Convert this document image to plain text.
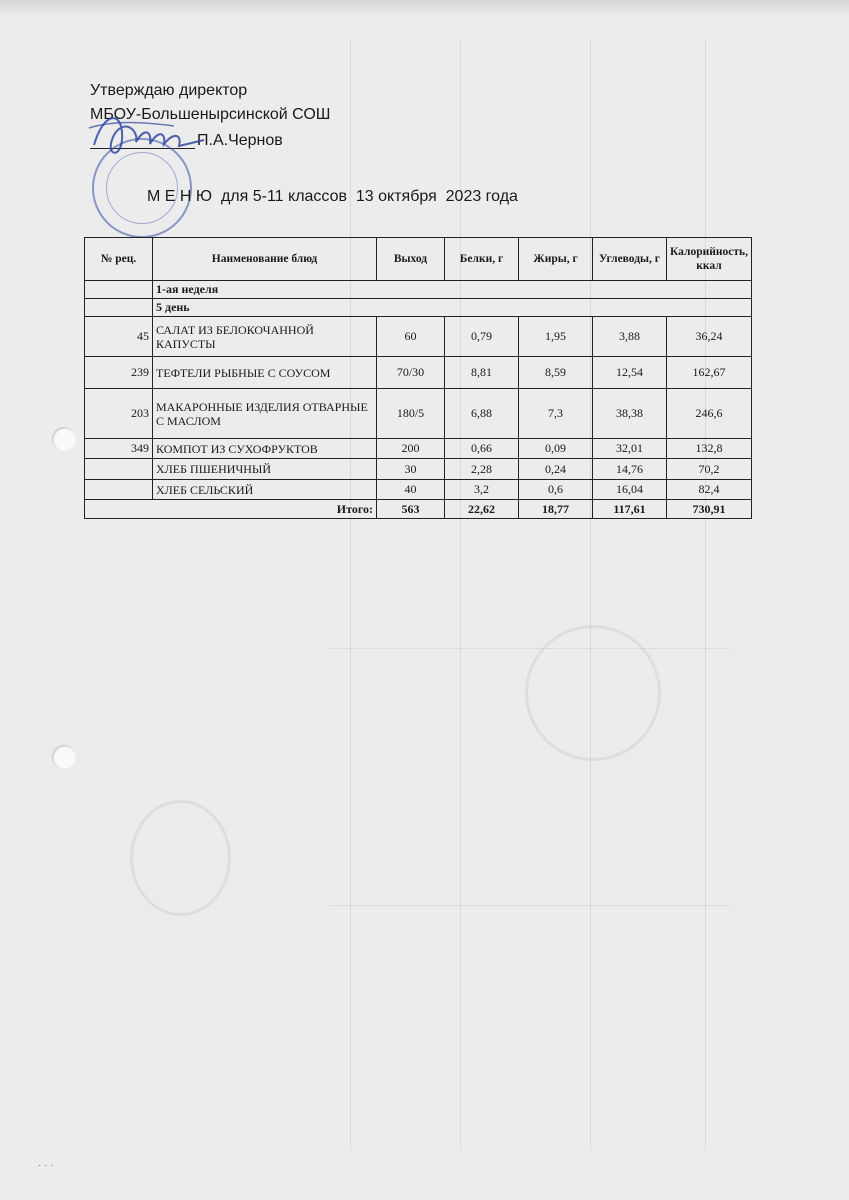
Утверждаю директор
МБОУ-Большенырсинской СОШ
П.А.Чернов
М Е Н Ю  для 5-11 классов  13 октября  2023 года
№ рец.	Наименование блюд	Выход	Белки, г	Жиры, г	Углеводы, г	Калорийность, ккал
	1-ая неделя					
	5 день					
45	САЛАТ ИЗ БЕЛОКОЧАННОЙ КАПУСТЫ	60	0,79	1,95	3,88	36,24
239	ТЕФТЕЛИ РЫБНЫЕ С СОУСОМ	70/30	8,81	8,59	12,54	162,67
203	МАКАРОННЫЕ ИЗДЕЛИЯ ОТВАРНЫЕ С МАСЛОМ	180/5	6,88	7,3	38,38	246,6
349	КОМПОТ ИЗ СУХОФРУКТОВ	200	0,66	0,09	32,01	132,8
	ХЛЕБ ПШЕНИЧНЫЙ	30	2,28	0,24	14,76	70,2
	ХЛЕБ СЕЛЬСКИЙ	40	3,2	0,6	16,04	82,4
Итого:		563	22,62	18,77	117,61	730,91
· · ·
